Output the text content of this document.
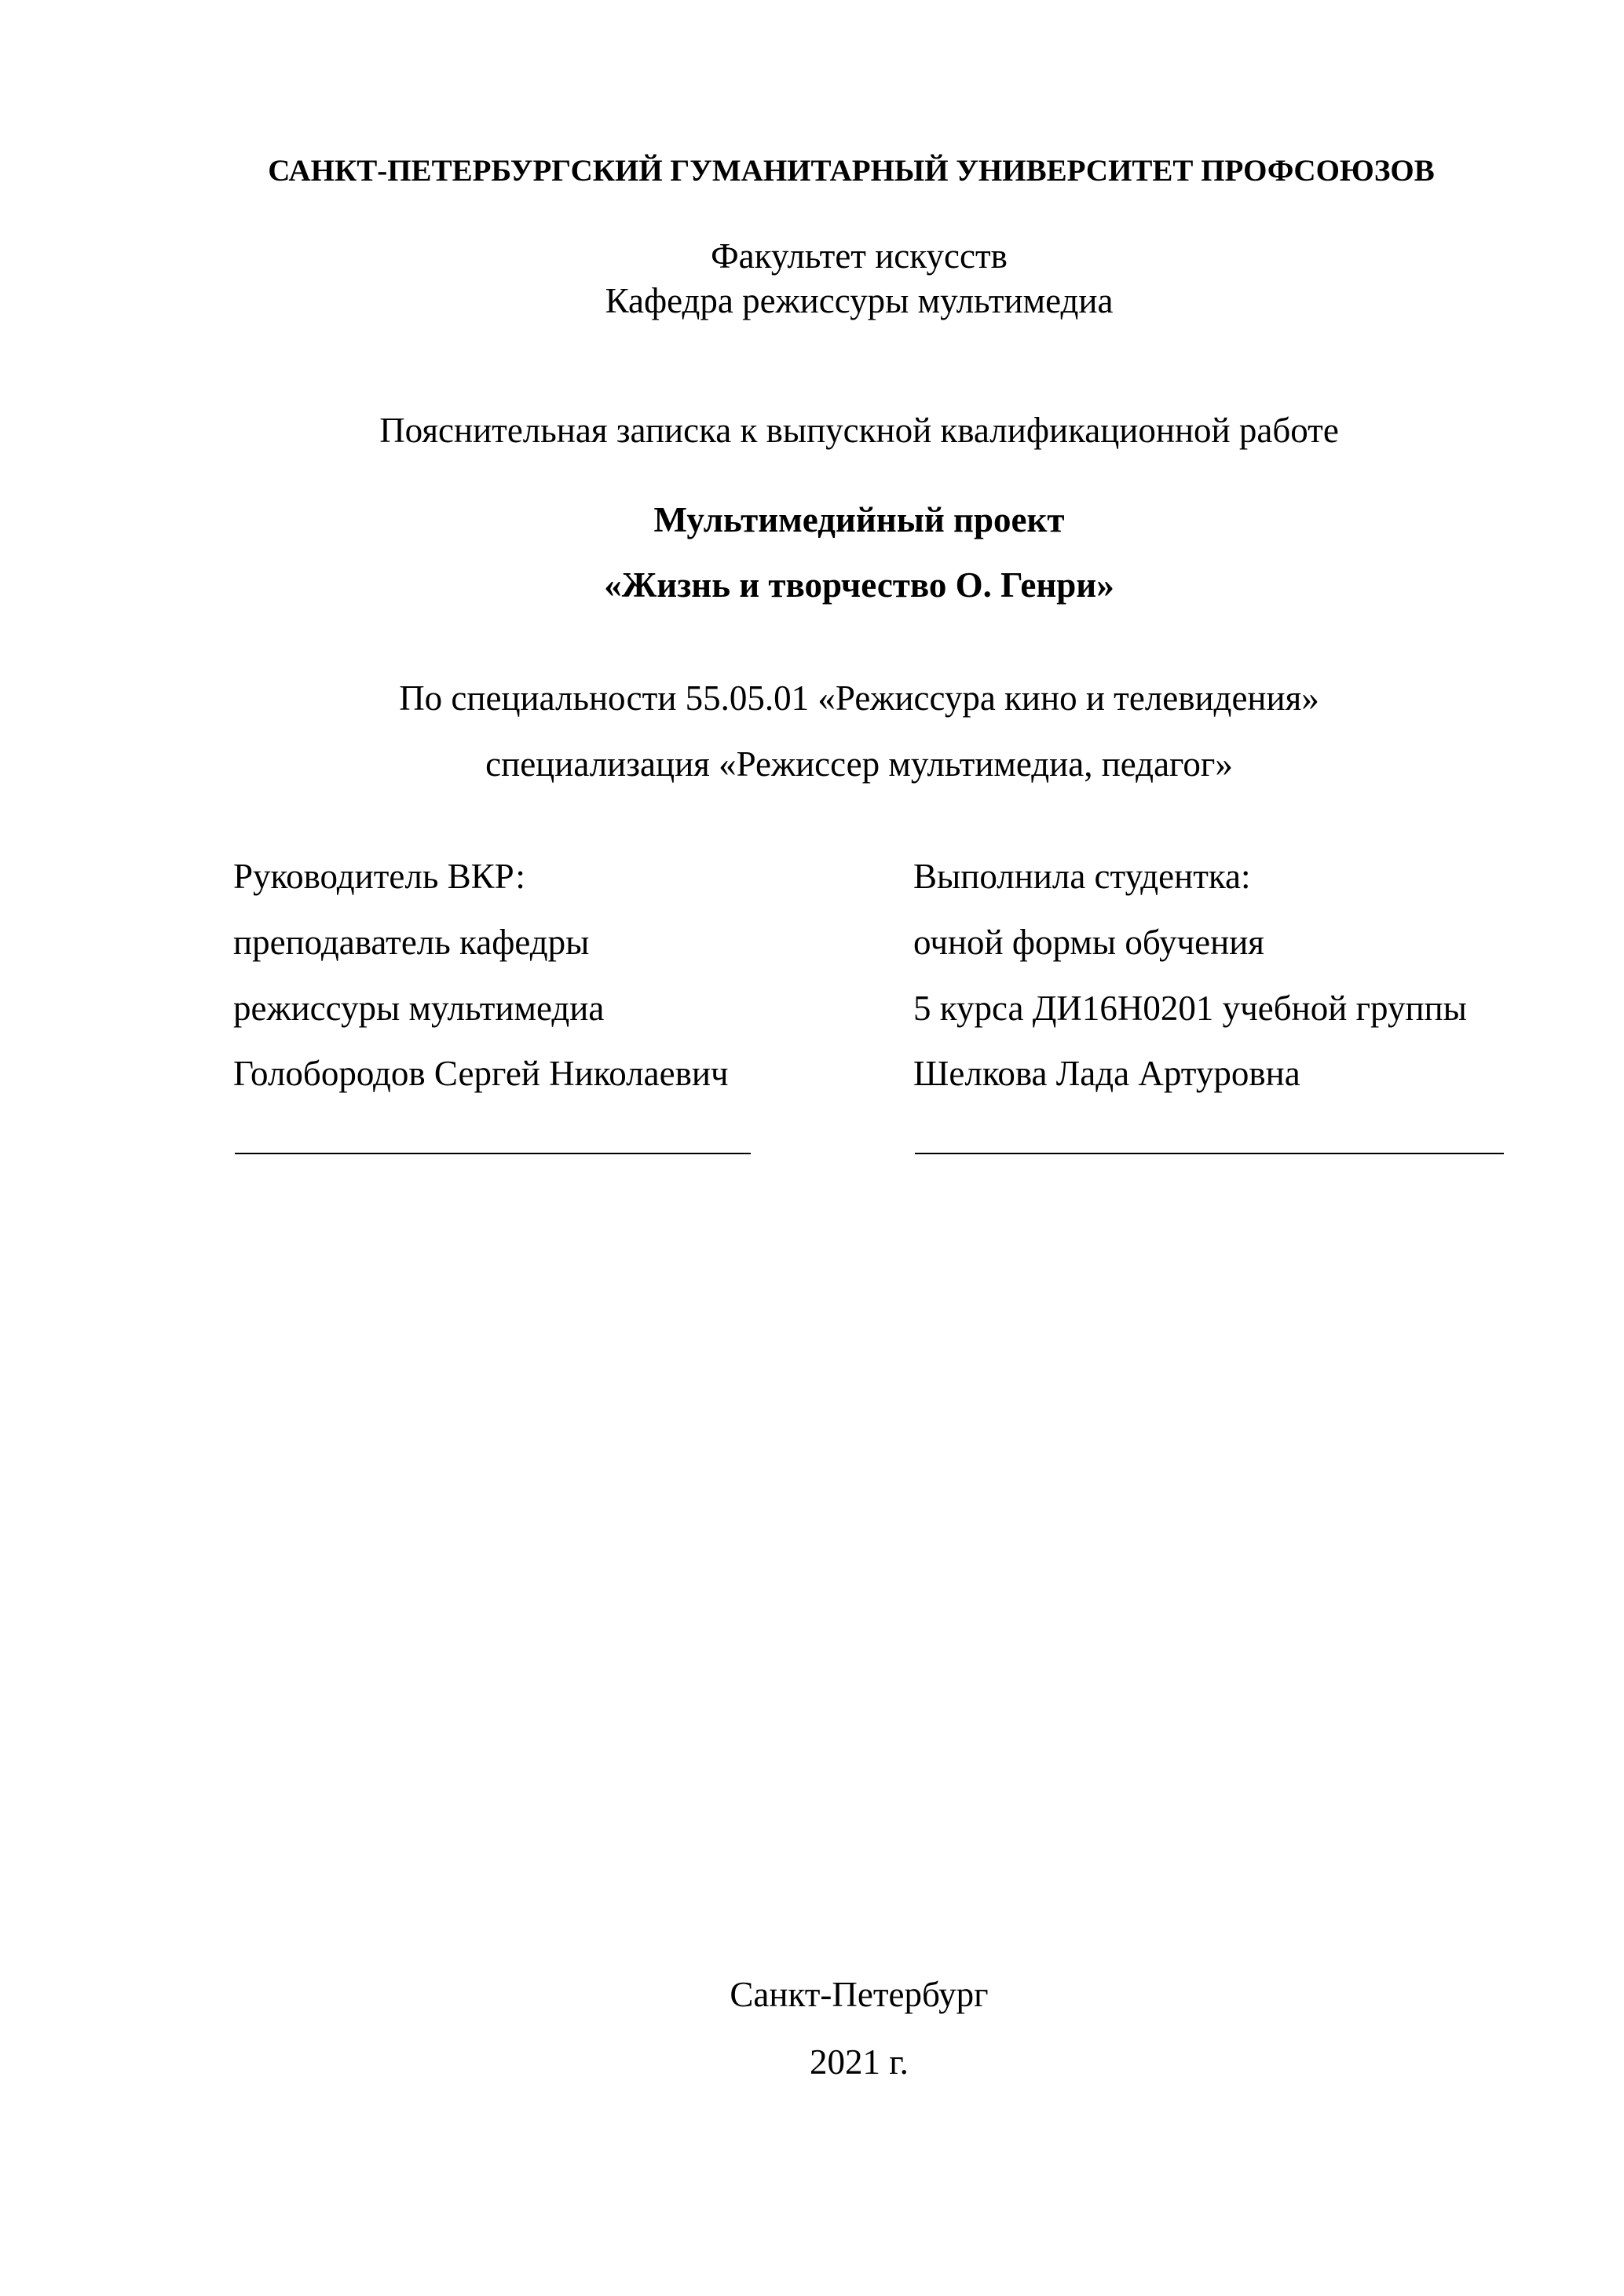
САНКТ-ПЕТЕРБУРГСКИЙ ГУМАНИТАРНЫЙ УНИВЕРСИТЕТ ПРОФСОЮЗОВ
Факультет искусств
Кафедра режиссуры мультимедиа
Пояснительная записка к выпускной квалификационной работе
Мультимедийный проект
«Жизнь и творчество О. Генри»
По специальности 55.05.01 «Режиссура кино и телевидения»
специализация «Режиссер мультимедиа, педагог»
Руководитель ВКР:
преподаватель кафедры
режиссуры мультимедиа
Голобородов Сергей Николаевич
Выполнила студентка:
очной формы обучения
5 курса ДИ16Н0201 учебной группы
Шелкова Лада Артуровна
Санкт-Петербург
2021 г.
